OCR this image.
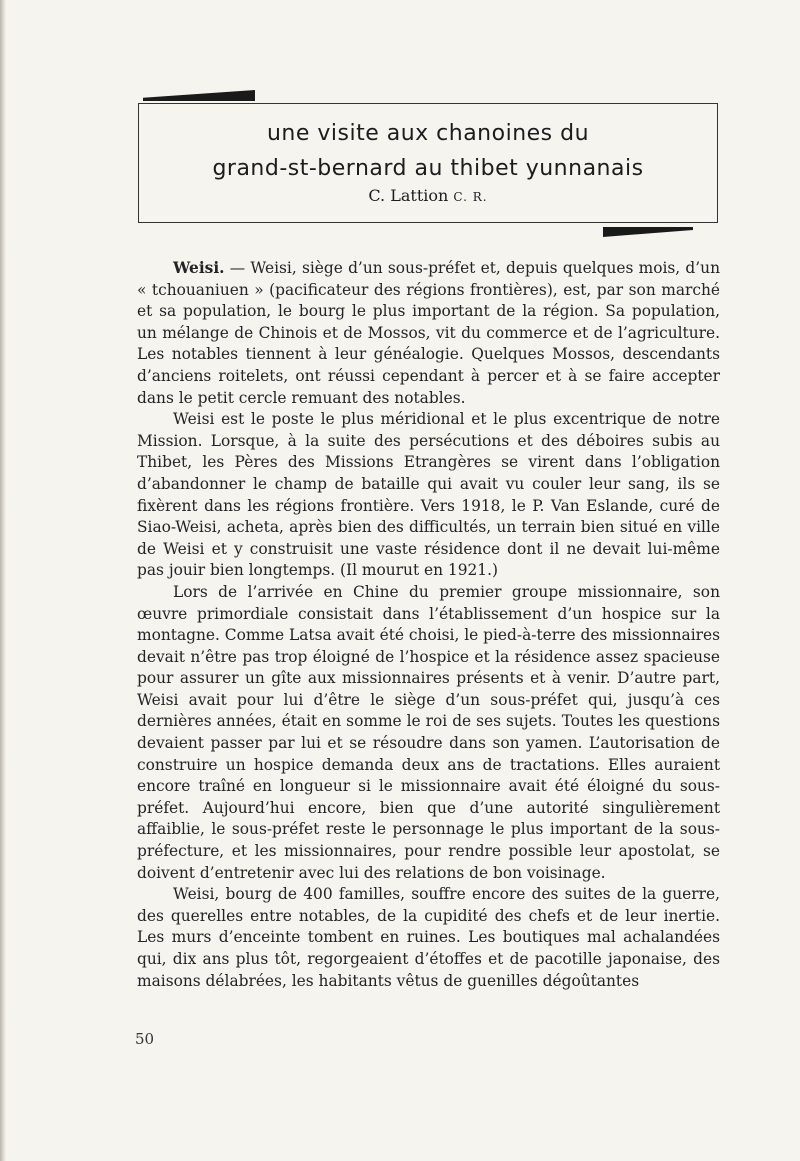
une visite aux chanoines du
grand-st-bernard au thibet yunnanais
C. Lattion C. R.

Weisi. — Weisi, siège d’un sous-préfet et, depuis quelques mois, d’un « tchouaniuen » (pacificateur des régions frontières), est, par son marché et sa population, le bourg le plus important de la région. Sa population, un mélange de Chinois et de Mossos, vit du commerce et de l’agriculture. Les notables tiennent à leur généalogie. Quelques Mossos, descendants d’anciens roitelets, ont réussi cependant à percer et à se faire accepter dans le petit cercle remuant des notables.

Weisi est le poste le plus méridional et le plus excentrique de notre Mission. Lorsque, à la suite des persécutions et des déboires subis au Thibet, les Pères des Missions Etrangères se virent dans l’obligation d’abandonner le champ de bataille qui avait vu couler leur sang, ils se fixèrent dans les régions frontière. Vers 1918, le P. Van Eslande, curé de Siao-Weisi, acheta, après bien des difficultés, un terrain bien situé en ville de Weisi et y construisit une vaste résidence dont il ne devait lui-même pas jouir bien longtemps. (Il mourut en 1921.)

Lors de l’arrivée en Chine du premier groupe missionnaire, son œuvre primordiale consistait dans l’établissement d’un hospice sur la montagne. Comme Latsa avait été choisi, le pied-à-terre des missionnaires devait n’être pas trop éloigné de l’hospice et la résidence assez spacieuse pour assurer un gîte aux missionnaires présents et à venir. D’autre part, Weisi avait pour lui d’être le siège d’un sous-préfet qui, jusqu’à ces dernières années, était en somme le roi de ses sujets. Toutes les questions devaient passer par lui et se résoudre dans son yamen. L’autorisation de construire un hospice demanda deux ans de tractations. Elles auraient encore traîné en longueur si le missionnaire avait été éloigné du sous-préfet. Aujourd’hui encore, bien que d’une autorité singulièrement affaiblie, le sous-préfet reste le personnage le plus important de la sous-préfecture, et les missionnaires, pour rendre possible leur apostolat, se doivent d’entretenir avec lui des relations de bon voisinage.

Weisi, bourg de 400 familles, souffre encore des suites de la guerre, des querelles entre notables, de la cupidité des chefs et de leur inertie. Les murs d’enceinte tombent en ruines. Les boutiques mal achalandées qui, dix ans plus tôt, regorgeaient d’étoffes et de pacotille japonaise, des maisons délabrées, les habitants vêtus de guenilles dégoûtantes

50
